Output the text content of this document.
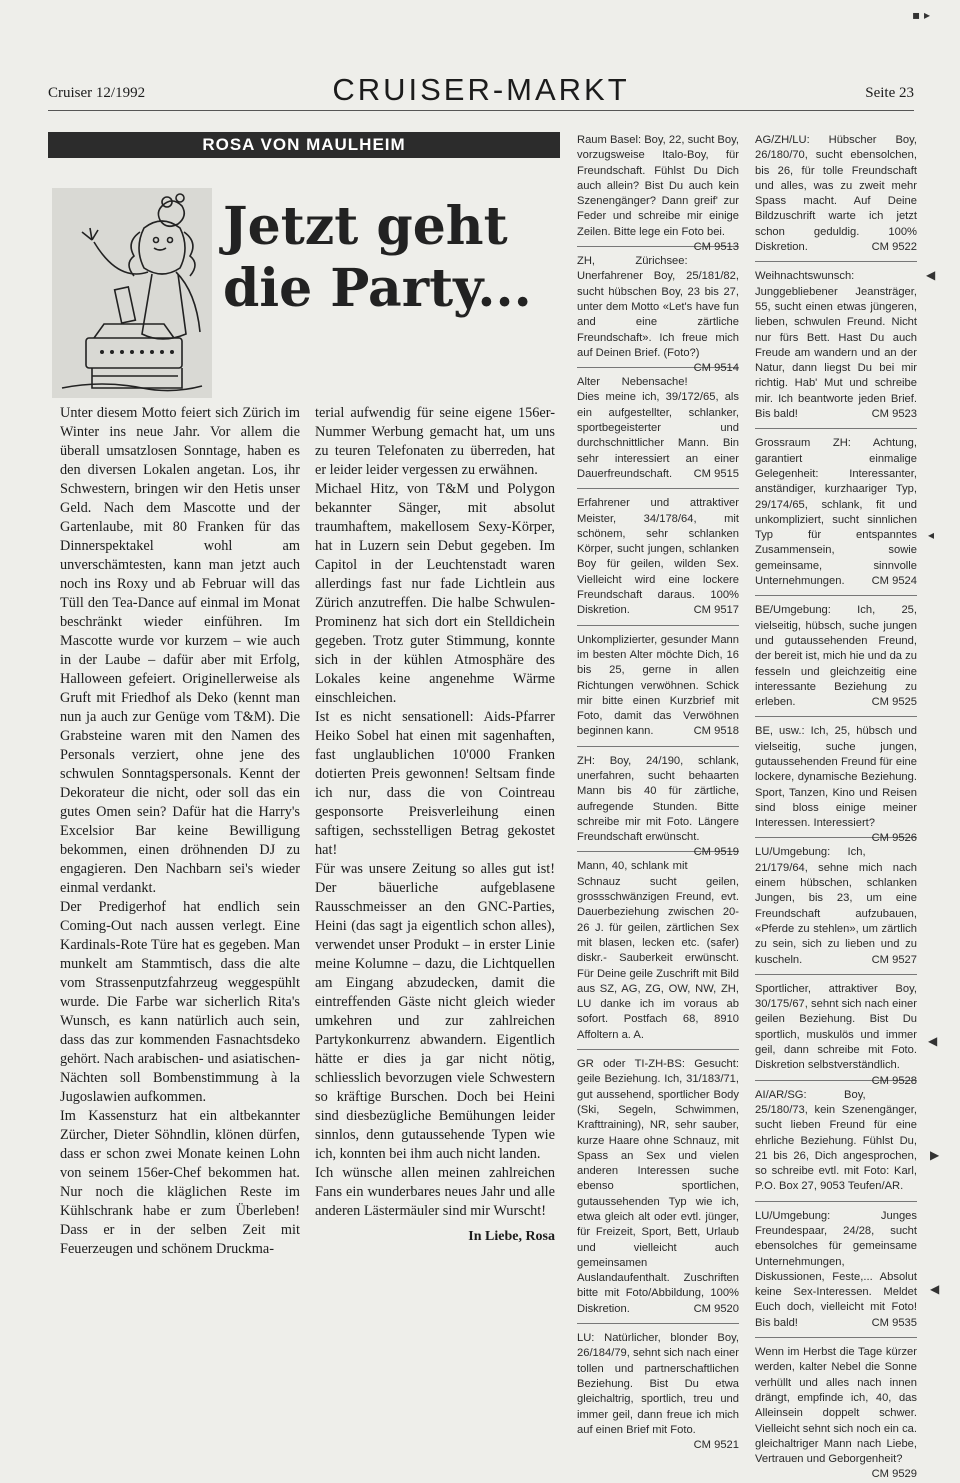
▪ ▸
◀
◂
◀
▶
◀
Cruiser 12/1992	CRUISER-MARKT	Seite 23
ROSA VON MAULHEIM
Jetzt geht
die Party...

Unter diesem Motto feiert sich Zürich im Winter ins neue Jahr. Vor allem die überall umsatzlosen Sonntage, haben es den diversen Lokalen angetan. Los, ihr Schwestern, bringen wir den Hetis unser Geld. Nach dem Mascotte und der Gartenlaube, mit 80 Franken für das Dinnerspektakel wohl am unverschämtesten, kann man jetzt auch noch ins Roxy und ab Februar will das Tüll den Tea-Dance auf einmal im Monat beschränkt wieder einführen. Im Mascotte wurde vor kurzem – wie auch in der Laube – dafür aber mit Erfolg, Halloween gefeiert. Originellerweise als Gruft mit Friedhof als Deko (kennt man nun ja auch zur Genüge vom T&M). Die Grabsteine waren mit den Namen des Personals verziert, ohne jene des schwulen Sonntagspersonals. Kennt der Dekorateur die nicht, oder soll das ein gutes Omen sein? Dafür hat die Harry's Excelsior Bar keine Bewilligung bekommen, einen dröhnenden DJ zu engagieren. Den Nachbarn sei's wieder einmal verdankt.

Der Predigerhof hat endlich sein Coming-Out nach aussen verlegt. Eine Kardinals-Rote Türe hat es gegeben. Man munkelt am Stammtisch, dass die alte vom Strassenputzfahrzeug weggespühlt wurde. Die Farbe war sicherlich Rita's Wunsch, es kann natürlich auch sein, dass das zur kommenden Fasnachtsdeko gehört. Nach arabischen- und asiatischen-Nächten soll Bombenstimmung à la Jugoslawien aufkommen.

Im Kassensturz hat ein altbekannter Zürcher, Dieter Söhndlin, klönen dürfen, dass er schon zwei Monate keinen Lohn von seinem 156er-Chef bekommen hat. Nur noch die kläglichen Reste im Kühlschrank habe er zum Überleben! Dass er in der selben Zeit mit Feuerzeugen und schönem Druckma-

terial aufwendig für seine eigene 156er-Nummer Werbung gemacht hat, um uns zu teuren Telefonaten zu überreden, hat er leider leider vergessen zu erwähnen.

Michael Hitz, von T&M und Polygon bekannter Sänger, mit absolut traumhaftem, makellosem Sexy-Körper, hat in Luzern sein Debut gegeben. Im Capitol in der Leuchtenstadt waren allerdings fast nur fade Lichtlein aus Zürich anzutreffen. Die halbe Schwulen-Prominenz hat sich dort ein Stelldichein gegeben. Trotz guter Stimmung, konnte sich in der kühlen Atmosphäre des Lokales keine angenehme Wärme einschleichen.

Ist es nicht sensationell: Aids-Pfarrer Heiko Sobel hat einen mit sagenhaften, fast unglaublichen 10'000 Franken dotierten Preis gewonnen! Seltsam finde ich nur, dass die von Cointreau gesponsorte Preisverleihung einen saftigen, sechsstelligen Betrag gekostet hat!

Für was unsere Zeitung so alles gut ist! Der bäuerliche aufgeblasene Rausschmeisser an den GNC-Parties, Heini (das sagt ja eigentlich schon alles), verwendet unser Produkt – in erster Linie meine Kolumne – dazu, die Lichtquellen am Eingang abzudecken, damit die eintreffenden Gäste nicht gleich wieder umkehren und zur zahlreichen Partykonkurrenz abwandern. Eigentlich hätte er dies ja gar nicht nötig, schliesslich bevorzugen viele Schwestern so kräftige Burschen. Doch bei Heini sind diesbezügliche Bemühungen leider sinnlos, denn gutaussehende Typen wie ich, konnten bei ihm auch nicht landen.

Ich wünsche allen meinen zahlreichen Fans ein wunderbares neues Jahr und alle anderen Lästermäuler sind mir Wurscht!

In Liebe, Rosa

Raum Basel: Boy, 22, sucht Boy, vorzugsweise Italo-Boy, für Freundschaft. Fühlst Du Dich auch allein? Bist Du auch kein Szenengänger? Dann greif' zur Feder und schreibe mir einige Zeilen. Bitte lege ein Foto bei.
CM 9513
ZH, Zürichsee: Unerfahrener Boy, 25/181/82, sucht hübschen Boy, 23 bis 27, unter dem Motto «Let's have fun and eine zärtliche Freundschaft». Ich freue mich auf Deinen Brief. (Foto?)
CM 9514
Alter Nebensache! Dies meine ich, 39/172/65, als ein aufgestellter, schlanker, sportbegeisterter und durchschnittlicher Mann. Bin sehr interessiert an einer Dauerfreundschaft.	CM 9515
Erfahrener und attraktiver Meister, 34/178/64, mit schönem, sehr schlanken Körper, sucht jungen, schlanken Boy für geilen, wilden Sex. Vielleicht wird eine lockere Freundschaft daraus. 100% Diskretion.	CM 9517
Unkomplizierter, gesunder Mann im besten Alter möchte Dich, 16 bis 25, gerne in allen Richtungen verwöhnen. Schick mir bitte einen Kurzbrief mit Foto, damit das Verwöhnen beginnen kann.	CM 9518
ZH: Boy, 24/190, schlank, unerfahren, sucht behaarten Mann bis 40 für zärtliche, aufregende Stunden. Bitte schreibe mir mit Foto. Längere Freundschaft erwünscht.
CM 9519
Mann, 40, schlank mit Schnauz sucht geilen, grossschwänzigen Freund, evt. Dauerbeziehung zwischen 20-26 J. für geilen, zärtlichen Sex mit blasen, lecken etc. (safer) diskr.- Sauberkeit erwünscht. Für Deine geile Zuschrift mit Bild aus SZ, AG, ZG, OW, NW, ZH, LU danke ich im voraus ab sofort. Postfach 68, 8910 Affoltern a. A.
GR oder TI-ZH-BS: Gesucht: geile Beziehung. Ich, 31/183/71, gut aussehend, sportlicher Body (Ski, Segeln, Schwimmen, Krafttraining), NR, sehr sauber, kurze Haare ohne Schnauz, mit Spass an Sex und vielen anderen Interessen suche ebenso sportlichen, gutaussehenden Typ wie ich, etwa gleich alt oder evtl. jünger, für Freizeit, Sport, Bett, Urlaub und vielleicht auch gemeinsamen Auslandaufenthalt. Zuschriften bitte mit Foto/Abbildung, 100% Diskretion.	CM 9520
LU: Natürlicher, blonder Boy, 26/184/79, sehnt sich nach einer tollen und partnerschaftlichen Beziehung. Bist Du etwa gleichaltrig, sportlich, treu und immer geil, dann freue ich mich auf einen Brief mit Foto.
CM 9521
AG/ZH/LU: Hübscher Boy, 26/180/70, sucht ebensolchen, bis 26, für tolle Freundschaft und alles, was zu zweit mehr Spass macht. Auf Deine Bildzuschrift warte ich jetzt schon geduldig. 100% Diskretion.	CM 9522
Weihnachtswunsch: Junggebliebener Jeansträger, 55, sucht einen etwas jüngeren, lieben, schwulen Freund. Nicht nur fürs Bett. Hast Du auch Freude am wandern und an der Natur, dann liegst Du bei mir richtig. Hab' Mut und schreibe mir. Ich beantworte jeden Brief. Bis bald!	CM 9523
Grossraum ZH: Achtung, garantiert einmalige Gelegenheit: Interessanter, anständiger, kurzhaariger Typ, 29/174/65, schlank, fit und unkompliziert, sucht sinnlichen Typ für entspanntes Zusammensein, sowie gemeinsame, sinnvolle Unternehmungen.	CM 9524
BE/Umgebung: Ich, 25, vielseitig, hübsch, suche jungen und gutaussehenden Freund, der bereit ist, mich hie und da zu fesseln und gleichzeitig eine interessante Beziehung zu erleben.	CM 9525
BE, usw.: Ich, 25, hübsch und vielseitig, suche jungen, gutaussehenden Freund für eine lockere, dynamische Beziehung. Sport, Tanzen, Kino und Reisen sind bloss einige meiner Interessen. Interessiert?
CM 9526
LU/Umgebung: Ich, 21/179/64, sehne mich nach einem hübschen, schlanken Jungen, bis 23, um eine Freundschaft aufzubauen, «Pferde zu stehlen», um zärtlich zu sein, sich zu lieben und zu kuscheln.	CM 9527
Sportlicher, attraktiver Boy, 30/175/67, sehnt sich nach einer geilen Beziehung. Bist Du sportlich, muskulös und immer geil, dann schreibe mit Foto. Diskretion selbstverständlich.
CM 9528
AI/AR/SG: Boy, 25/180/73, kein Szenengänger, sucht lieben Freund für eine ehrliche Beziehung. Fühlst Du, 21 bis 26, Dich angesprochen, so schreibe evtl. mit Foto: Karl, P.O. Box 27, 9053 Teufen/AR.
LU/Umgebung: Junges Freundespaar, 24/28, sucht ebensolches für gemeinsame Unternehmungen, Diskussionen, Feste,... Absolut keine Sex-Interessen. Meldet Euch doch, vielleicht mit Foto! Bis bald!	CM 9535
Wenn im Herbst die Tage kürzer werden, kalter Nebel die Sonne verhüllt und alles nach innen drängt, empfinde ich, 40, das Alleinsein doppelt schwer. Vielleicht sehnt sich noch ein ca. gleichaltriger Mann nach Liebe, Vertrauen und Geborgenheit?
CM 9529
